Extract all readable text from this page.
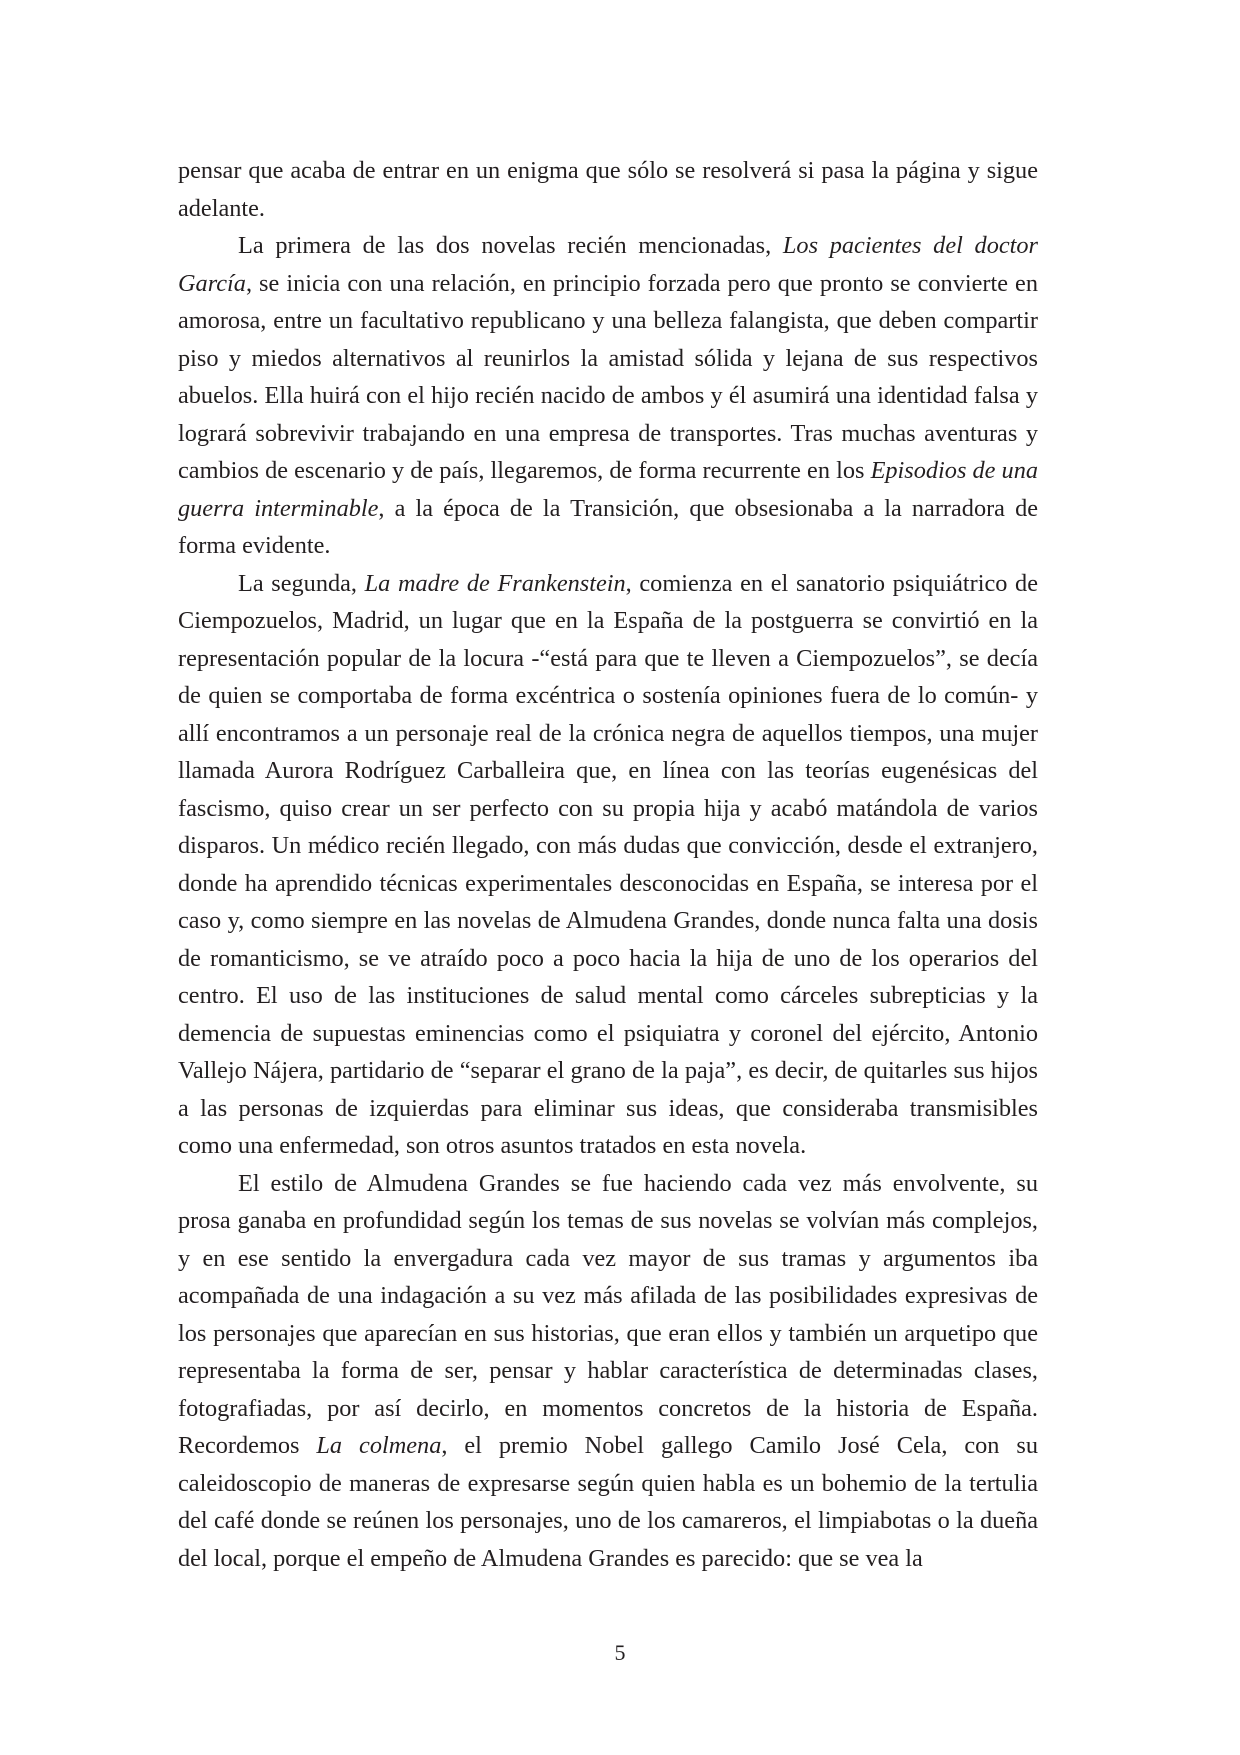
pensar que acaba de entrar en un enigma que sólo se resolverá si pasa la página y sigue adelante.

La primera de las dos novelas recién mencionadas, Los pacientes del doctor García, se inicia con una relación, en principio forzada pero que pronto se convierte en amorosa, entre un facultativo republicano y una belleza falangista, que deben compartir piso y miedos alternativos al reunirlos la amistad sólida y lejana de sus respectivos abuelos. Ella huirá con el hijo recién nacido de ambos y él asumirá una identidad falsa y logrará sobrevivir trabajando en una empresa de transportes. Tras muchas aventuras y cambios de escenario y de país, llegaremos, de forma recurrente en los Episodios de una guerra interminable, a la época de la Transición, que obsesionaba a la narradora de forma evidente.

La segunda, La madre de Frankenstein, comienza en el sanatorio psiquiátrico de Ciempozuelos, Madrid, un lugar que en la España de la postguerra se convirtió en la representación popular de la locura -“está para que te lleven a Ciempozuelos”, se decía de quien se comportaba de forma excéntrica o sostenía opiniones fuera de lo común- y allí encontramos a un personaje real de la crónica negra de aquellos tiempos, una mujer llamada Aurora Rodríguez Carballeira que, en línea con las teorías eugenésicas del fascismo, quiso crear un ser perfecto con su propia hija y acabó matándola de varios disparos. Un médico recién llegado, con más dudas que convicción, desde el extranjero, donde ha aprendido técnicas experimentales desconocidas en España, se interesa por el caso y, como siempre en las novelas de Almudena Grandes, donde nunca falta una dosis de romanticismo, se ve atraído poco a poco hacia la hija de uno de los operarios del centro. El uso de las instituciones de salud mental como cárceles subrepticias y la demencia de supuestas eminencias como el psiquiatra y coronel del ejército, Antonio Vallejo Nájera, partidario de “separar el grano de la paja”, es decir, de quitarles sus hijos a las personas de izquierdas para eliminar sus ideas, que consideraba transmisibles como una enfermedad, son otros asuntos tratados en esta novela.

El estilo de Almudena Grandes se fue haciendo cada vez más envolvente, su prosa ganaba en profundidad según los temas de sus novelas se volvían más complejos, y en ese sentido la envergadura cada vez mayor de sus tramas y argumentos iba acompañada de una indagación a su vez más afilada de las posibilidades expresivas de los personajes que aparecían en sus historias, que eran ellos y también un arquetipo que representaba la forma de ser, pensar y hablar característica de determinadas clases, fotografiadas, por así decirlo, en momentos concretos de la historia de España. Recordemos La colmena, el premio Nobel gallego Camilo José Cela, con su caleidoscopio de maneras de expresarse según quien habla es un bohemio de la tertulia del café donde se reúnen los personajes, uno de los camareros, el limpiabotas o la dueña del local, porque el empeño de Almudena Grandes es parecido: que se vea la

5
